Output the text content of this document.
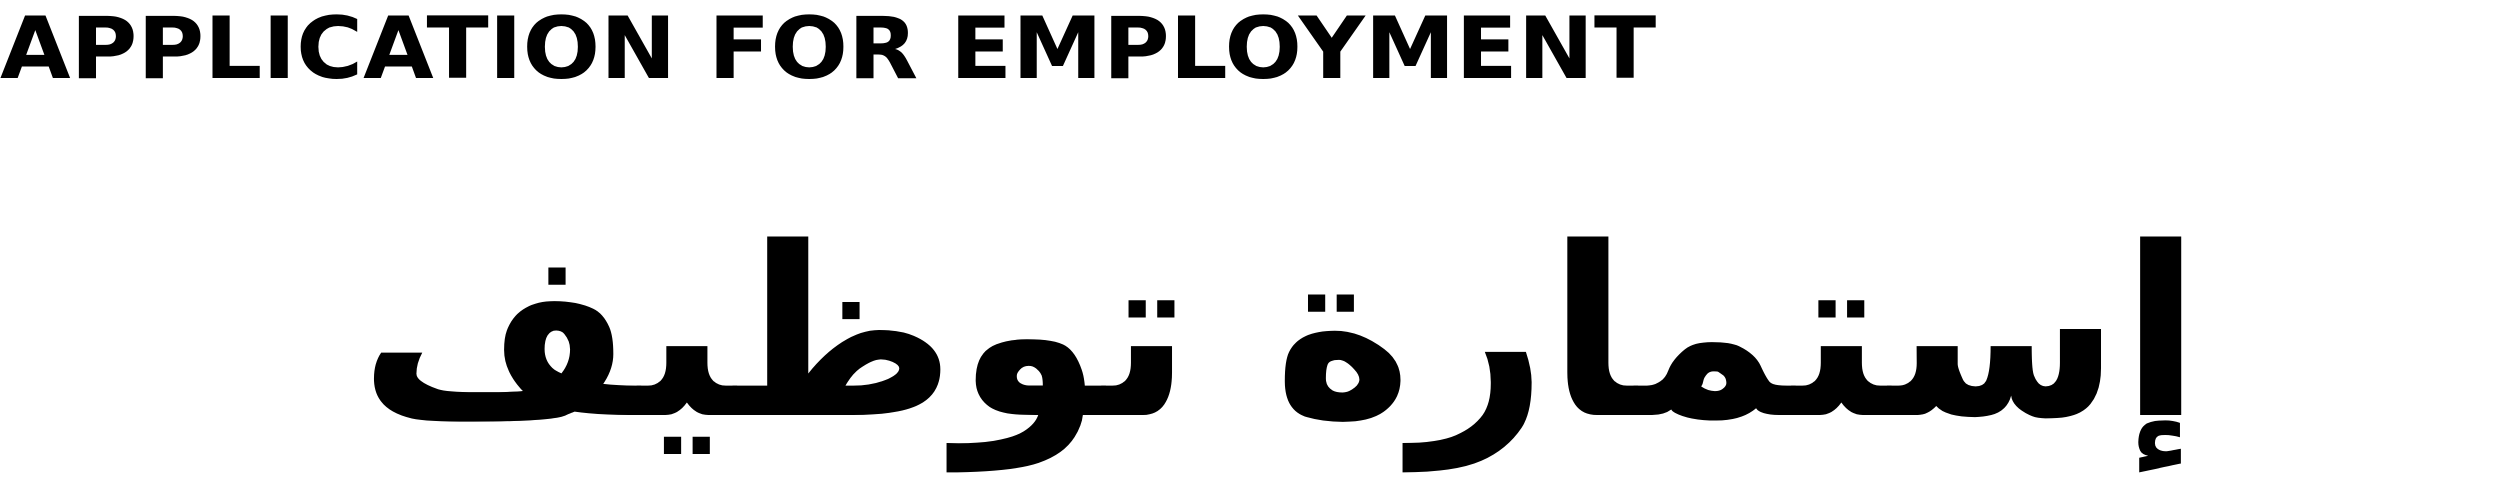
APPLICATION FOR EMPLOYMENT
إستمارة توظيف
